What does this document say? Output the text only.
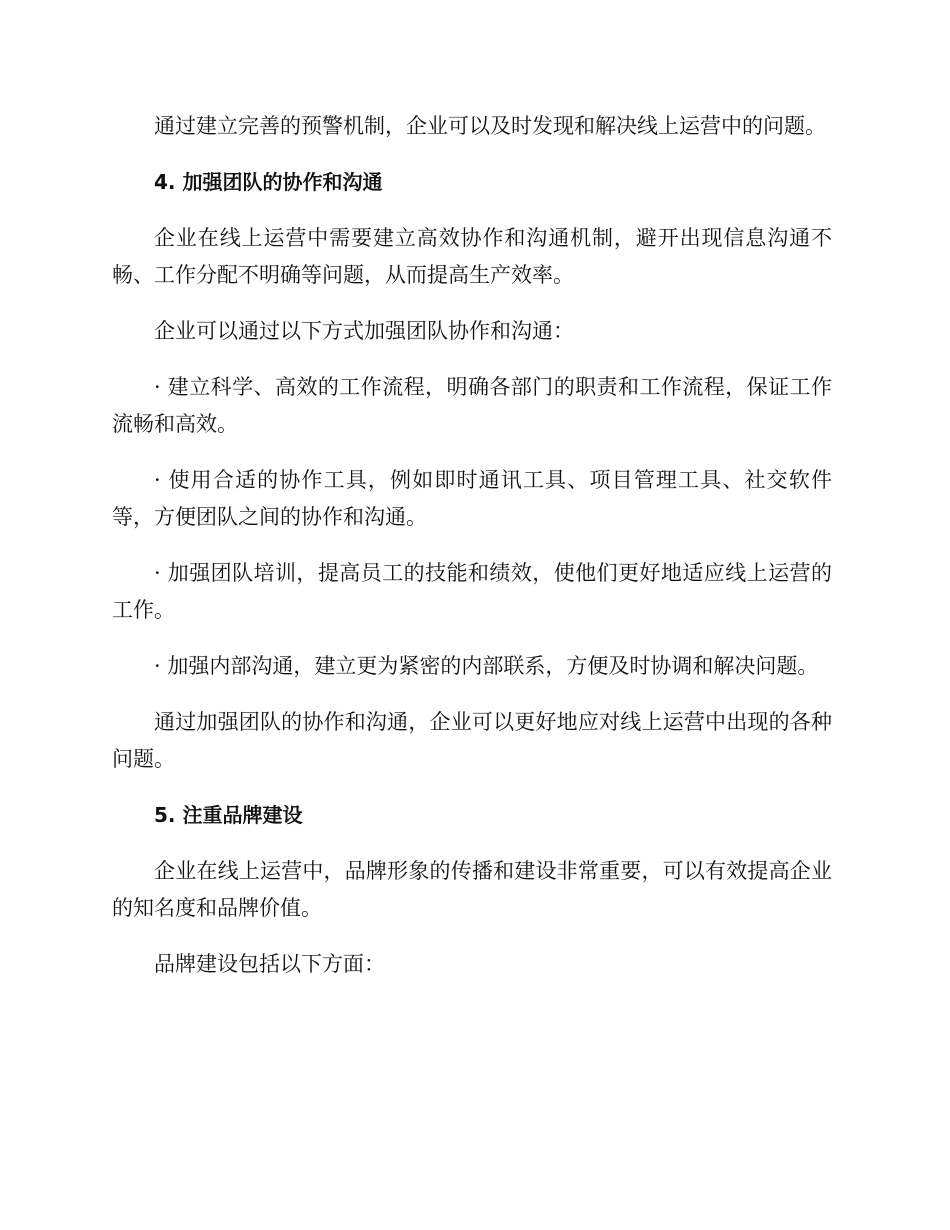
通过建立完善的预警机制，企业可以及时发现和解决线上运营中的问题。

4. 加强团队的协作和沟通

企业在线上运营中需要建立高效协作和沟通机制，避开出现信息沟通不畅、工作分配不明确等问题，从而提高生产效率。

企业可以通过以下方式加强团队协作和沟通：

· 建立科学、高效的工作流程，明确各部门的职责和工作流程，保证工作流畅和高效。

· 使用合适的协作工具，例如即时通讯工具、项目管理工具、社交软件等，方便团队之间的协作和沟通。

· 加强团队培训，提高员工的技能和绩效，使他们更好地适应线上运营的工作。

· 加强内部沟通，建立更为紧密的内部联系，方便及时协调和解决问题。

通过加强团队的协作和沟通，企业可以更好地应对线上运营中出现的各种问题。

5. 注重品牌建设

企业在线上运营中，品牌形象的传播和建设非常重要，可以有效提高企业的知名度和品牌价值。

品牌建设包括以下方面：
